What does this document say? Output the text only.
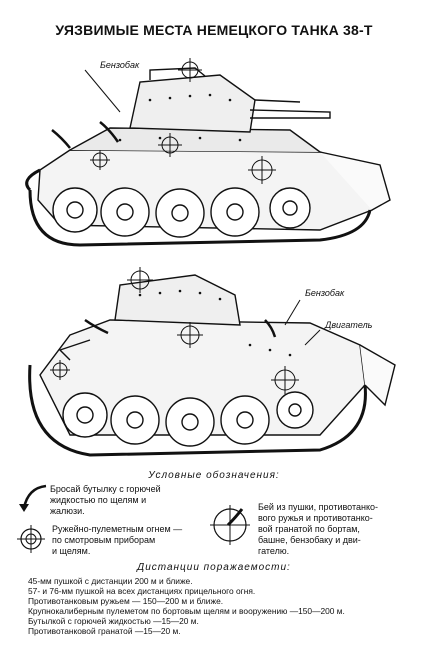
УЯЗВИМЫЕ МЕСТА НЕМЕЦКОГО ТАНКА 38-Т
Бензобак
Бензобак
Двигатель
Условные обозначения:
Бросай бутылку с горючей
жидкостью по щелям и
жалюзи.	Бей из пушки, противотанко-
вого ружья и противотанко-
вой гранатой по бортам,
башне, бензобаку и дви-
гателю.
Ружейно-пулеметным огнем —
по смотровым приборам
и щелям.
Дистанции поражаемости:
45-мм пушкой с дистанции 200 м и ближе.
57- и 76-мм пушкой на всех дистанциях прицельного огня.
Противотанковым ружьем — 150—200 м и ближе.
Крупнокалиберным пулеметом по бортовым щелям и вооружению —150—200 м.
Бутылкой с горючей жидкостью —15—20 м.
Противотанковой гранатой —15—20 м.
